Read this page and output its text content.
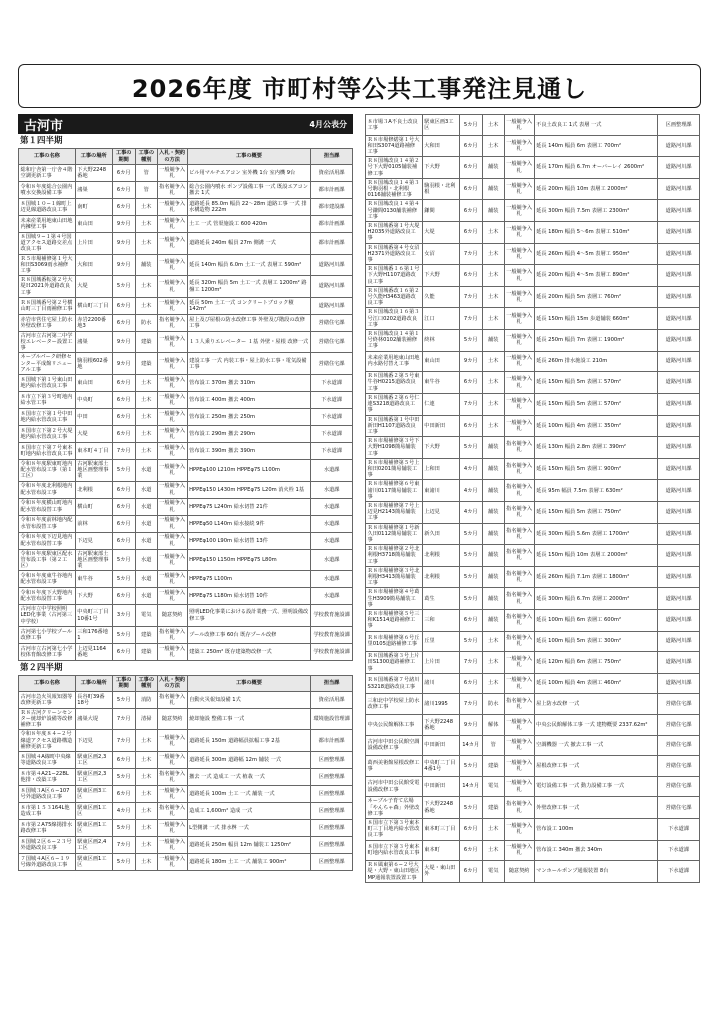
2026年度 市町村等公共工事発注見通し
古河市	4月公表分
第１四半期
工事の名称	工事の場所	工事の期間	工事の種別	入札・契約の方法	工事の概要	担当課
総和庁舎第一庁舎４階空調更新工事	下大野2248番地	6カ月	管	一般競争入札	ビル用マルチエアコン 室外機 1台 室内機 9台	資産活用課
令和８年度総合公園内噴水交換設備工事	鴻巣	6カ月	管	指名競争入札	総合公園内噴水 ポンプ設備工事 一式 既設エアコン撤去 1式	都市計画課
８国城１０−１線町上辺見線道路改良工事	南町	6カ月	土木	一般競争入札	道路延長 85.0m 幅員 22〜28m 道路工事 一式 排水構造物 222m	都市建設課
未来産業用地東山田地内擁壁工事	東山田	9カ月	土木	一般競争入札	土工 一式 管渠施設工 600 420m	都市計画課
８国城９−１第４号国道アクセス道路交差点改良工事	上片田	9カ月	土木	一般競争入札	道路延長 240m 幅員 27m 側溝 一式	都市計画課
Ｒ５市場補修第１号大和田S3069雨水補修工事	大和田	9カ月	舗装	一般競争入札	延長 140m 幅員 6.0m 土工一式 表層工 590m²	道路河川課
Ｒ８国城番転第２号大堤Ｈ2021外道路改良工事	大堤	5カ月	土木	一般競争入札	延長 320m 幅員 5m 土工一式 表層工 1200m² 路盤工 1200m²	道路河川課
Ｒ８国城番号第２号横山町三丁目雨補修工事	横山町三丁目	6カ月	土木	一般競争入札	延長 50m 土工一式 コンクリートブロック積 142m²	道路河川課
赤岩市営住宅屋上防水外壁改修工事	赤岩2200番地3	6カ月	防水	指名競争入札	屋上及び屋根の防水改修工事 外壁及び階段の改修工事	営繕住宅課
古河市立古河第二中学校エレベーター設置工事	鴻巣	9カ月	建築	一般競争入札	１３人乗りエレベーター １基 外壁・屋根 改修一式	営繕住宅課
ネーブルパーク研修センター平成館リニューアル工事	駒羽根602番地	9カ月	建築	一般競争入札	建設工事 一式 内装工事・屋上防水工事・電気設備工事	営繕住宅課
８国城下第１号東山田地内給水管改良工事	東山田	6カ月	土木	一般競争入札	管布設工 370m 撤去 310m	下水道課
８市立下第３号町地内給水管工事	中央町	6カ月	土木	一般競争入札	管布設工 400m 撤去 400m	下水道課
８国市立下第１号中田地内給水管改良工事	中田	6カ月	土木	一般競争入札	管布設工 250m 撤去 250m	下水道課
８国市立下第２号大堤地内給水管改良工事	大堤	6カ月	土木	一般競争入札	管布設工 290m 撤去 290m	下水道課
８国市立下第７号東本町地内給水管改良工事	東本町４丁目	7カ月	土木	一般競争入札	管布設工 390m 撤去 390m	下水道課
令和８年度駅東町地内配水管布設工事（第１工区）	古河駅東部土地区画整理事業	5カ月	水道	一般競争入札	HPPEφ100 L210m HPPEφ75 L100m	水道課
令和８年度北利根地内配水管布設工事	北利根	6カ月	水道	一般競争入札	HPPEφ150 L430m HPPEφ75 L20m 消火栓 1基	水道課
令和８年度横山町地内配水管布設替工事	横山町	6カ月	水道	一般競争入札	HPPEφ75 L240m 給水切替 21件	水道課
令和８年度前林地内配水管布設替工事	前林	6カ月	水道	一般競争入札	HPPEφ50 L140m 給水接続 9件	水道課
令和８年度下辺見地内配水管布設替工事	下辺見	6カ月	水道	一般競争入札	HPPEφ100 L90m 給水切替 13件	水道課
令和８年度駅東区配水管布設工事（第２工区）	古河駅東部土地区画整理事業	5カ月	水道	一般競争入札	HPPEφ150 L150m HPPEφ75 L80m	水道課
令和８年度東牛谷地内配水管布設工事	東牛谷	5カ月	水道	一般競争入札	HPPEφ75 L100m	水道課
令和８年度下大野地内配水管布設替工事	下大野	6カ月	水道	一般競争入札	HPPEφ75 L180m 給水切替 10件	水道課
古河市立中学校照明LED化事業（古河第三中学校）	中央町三丁目10番1号	3カ月	電気	随意契約	照明LED化事業における設計業務一式、照明設備改修工事	学校教育施設課
古河第七小学校プール改修工事	三和176番地1	5カ月	建築	指名競争入札	プール改修工事 60台 既存プール改修	学校教育施設課
古河市立古河第七小学校体育館改修工事	上辺見1164番地	6カ月	建築	一般競争入札	建築工 250m² 既存建築物改修一式	学校教育施設課
第２四半期
工事の名称	工事の場所	工事の期間	工事の種別	入札・契約の方法	工事の概要	担当課
古河市急火災報知器等改修更新工事	長谷町39番18号	5カ月	消防	指名競争入札	自動火災報知設備 1式	資産活用課
Ｒ８古河クリーンセンター焼却炉設備等改修補修工事	鴻巣大堤	7カ月	清掃	随意契約	焼却施設 整備工事 一式	環境施設管理課
令和８年度８４−２号線道アクセス道路構造補修更新工事	下辺見	7カ月	土木	一般競争入札	道路延長 150m 道路幅員拡幅工事 2基	都市計画課
８国城４A線町中央線等道路改良工事	駅東区画2,3工区	6カ月	土木	一般競争入札	道路延長 300m 道路幅 12m 舗装 一式	区画整理課
８市第４A21−22BL他排・改築工事	駅東区画2,3工区	5カ月	土木	指名競争入札	撤去 一式 造成工 一式 植栽 一式	区画整理課
８国城３A区６−107号外道路改良工事	駅東区画3工区	6カ月	土木	一般競争入札	道路延長 100m 土工 一式 舗装 一式	区画整理課
８市第１５３164L他造成工事	駅東区画1工区	4カ月	土木	指名競争入札	造成工 1,600m² 造成 一式	区画整理課
８市第２A75線揚排水路改修工事	駅東区画1工区	5カ月	土木	一般競争入札	L型側溝 一式 排水桝 一式	区画整理課
８国城２区６−２３号外道路改良工事	駅東区画2,4工区	7カ月	土木	一般競争入札	道路延長 250m 幅員 12m 舗装工 1250m²	区画整理課
７国城４A区６−１９号線外道路改良工事	駅東区画1工区	5カ月	土木	一般競争入札	道路延長 180m 土工 一式 舗装工 900m²	区画整理課
８市場３A不良土改良工事	駅東区画3工区	5カ月	土木	一般競争入札	不良土改良工 1式 表層 一式	区画整理課
Ｒ８市場修繕第１号大和田S3074道路補修工事	大和田	6カ月	土木	一般競争入札	延長 140m 幅員 6m 表層工 700m²	道路河川課
Ｒ８国城改良１４第２号下大野0105舗装補修工事	下大野	6カ月	舗装	一般競争入札	延長 170m 幅員 6.7m オーバーレイ 2600m²	道路河川課
Ｒ８国城改良１４第３号駒羽根・北利根0116舗装補修工事	駒羽根・北利根	6カ月	舗装	一般競争入札	延長 200m 幅員 10m 表層工 2000m²	道路河川課
Ｒ８国城改良１４第４号鎌間0130舗装補修工事	鎌間	6カ月	舗装	一般競争入札	延長 300m 幅員 7.5m 表層工 2300m²	道路河川課
Ｒ８国城番第１号大堤H2035外道路改良工事	大堤	6カ月	土木	一般競争入札	延長 180m 幅員 5〜6m 表層工 510m²	道路河川課
Ｒ８国城番第４号女沼H2371外道路改良工事	女沼	7カ月	土木	一般競争入札	延長 260m 幅員 4〜5m 表層工 950m²	道路河川課
Ｒ８国城番１６第１号下大野H1107道路改良工事	下大野	6カ月	土木	一般競争入札	延長 200m 幅員 4〜5m 表層工 890m²	道路河川課
Ｒ８国城番改１６第２号久能H3463道路改良工事	久能	7カ月	土木	一般競争入札	延長 200m 幅員 5m 表層工 760m²	道路河川課
Ｒ８国城改良１６第３号江口0202道路改良工事	江口	7カ月	土木	一般競争入札	延長 150m 幅員 15m 歩道舗装 660m²	道路河川課
Ｒ８国城改良１４第１号終林0102舗装補修工事	終林	5カ月	舗装	一般競争入札	延長 250m 幅員 7m 表層工 1900m²	道路河川課
未来産業用地東山田地内水路付替え工事	東山田	9カ月	土木	一般競争入札	延長 260m 排水施設工 210m	道路河川課
Ｒ８国城番２第５号東牛谷H0215道路改良工事	東牛谷	6カ月	土木	一般競争入札	延長 150m 幅員 5m 表層工 570m²	道路河川課
Ｒ８国城番２第６号仁連S3218道路改良工事	仁連	7カ月	土木	一般競争入札	延長 150m 幅員 5m 表層工 570m²	道路河川課
Ｒ８国城番第１号中田新田H1107道路改良工事	中田新田	6カ月	土木	一般競争入札	延長 100m 幅員 4m 表層工 350m²	道路河川課
Ｒ８市場補修第３号下大野H1098簡易舗装工事	下大野	5カ月	舗装	指名競争入札	延長 130m 幅員 2.8m 表層工 390m²	道路河川課
Ｒ８市場補修第５号上和田0201簡易舗装工事	上和田	4カ月	舗装	指名競争入札	延長 150m 幅員 5m 表層工 900m²	道路河川課
Ｒ８市場補修第６号東諸川0117簡易舗装工事	東諸川	4カ月	舗装	指名競争入札	延長 95m 幅員 7.5m 表層工 630m²	道路河川課
Ｒ８市場補修第７号上辺見H2143簡易舗装工事	上辺見	4カ月	舗装	指名競争入札	延長 150m 幅員 5m 表層工 750m²	道路河川課
Ｒ８市場補修第１号新久田0112簡易舗装工事	新久田	5カ月	舗装	指名競争入札	延長 300m 幅員 5.6m 表層工 1700m²	道路河川課
Ｒ８市場補修第２号北利根H3718簡易舗装工事	北利根	5カ月	舗装	指名競争入札	延長 150m 幅員 10m 表層工 2000m²	道路河川課
Ｒ８市場補修第３号北利根H3413簡易舗装工事	北利根	5カ月	舗装	指名競争入札	延長 260m 幅員 7.1m 表層工 1800m²	道路河川課
Ｒ８市場補修第４号葛生H3909簡易舗装工事	葛生	5カ月	舗装	指名競争入札	延長 300m 幅員 6.7m 表層工 2000m²	道路河川課
Ｒ８市場補修第５号三和K1514道路補修工事	三和	6カ月	舗装	指名競争入札	延長 100m 幅員 6m 表層工 600m²	道路河川課
Ｒ８市場補修第６号丘里0105道路補修工事	丘里	5カ月	土木	指名競争入札	延長 100m 幅員 5m 表層工 300m²	道路河川課
Ｒ８国城番第３号上片田S1300道路補修工事	上片田	7カ月	土木	一般競争入札	延長 120m 幅員 6m 表層工 750m²	道路河川課
Ｒ８国城番第７号諸川S3218道路改良工事	諸川	6カ月	土木	一般競争入札	延長 100m 幅員 4m 表層工 460m²	道路河川課
三和北中学校屋上防水改修工事	諸川1995	7カ月	防水	指名競争入札	屋上防水改修 一式	営繕住宅課
中央公民館解体工事	下大野2248番地	9カ月	解体	一般競争入札	中央公民館解体工事 一式 建物概要 2337.62m²	営繕住宅課
古河市中田公民館空調設備改修工事	中田新田	14カ月	管	一般競争入札	空調機器 一式 撤去工事 一式	営繕住宅課
葛西美術館屋根改修工事	中央町二丁目4番1号	5カ月	建築	一般競争入札	屋根改修工事 一式	営繕住宅課
古河市中田公民館受電設備改修工事	中田新田	14カ月	電気	一般競争入札	電灯設備工事 一式 動力設備工事 一式	営繕住宅課
ネーブル子育て広場「やんちゃ森」外壁改修工事	下大野2248番地	5カ月	建築	指名競争入札	外壁改修工事 一式	営繕住宅課
８国市立下第３号東本町三丁目地内給水管改良工事	東本町三丁目	6カ月	土木	一般競争入札	管布設工 100m	下水道課
８国市立下第３号東本町地内給水管改良工事	東本町	6カ月	土木	一般競争入札	管布設工 340m 撤去 340m	下水道課
Ｒ８風東第６−２号大堤・大野・東山田地区MP通報装置設置工事	大堤・東山田外	6カ月	電気	随意契約	マンホールポンプ通報装置 8台	下水道課
